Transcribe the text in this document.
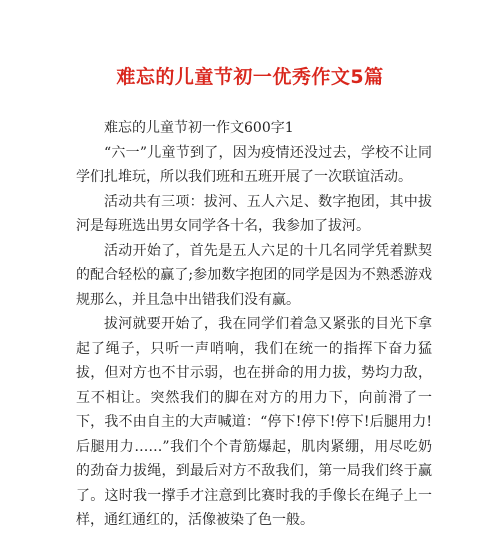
难忘的儿童节初一优秀作文5篇

难忘的儿童节初一作文600字1

“六一”儿童节到了，因为疫情还没过去，学校不让同学们扎堆玩，所以我们班和五班开展了一次联谊活动。

活动共有三项：拔河、五人六足、数字抱团，其中拔河是每班选出男女同学各十名，我参加了拔河。

活动开始了，首先是五人六足的十几名同学凭着默契的配合轻松的赢了;参加数字抱团的同学是因为不熟悉游戏规那么，并且急中出错我们没有赢。

拔河就要开始了，我在同学们着急又紧张的目光下拿起了绳子，只听一声哨响，我们在统一的指挥下奋力猛拔，但对方也不甘示弱，也在拼命的用力拔，势均力敌，互不相让。突然我们的脚在对方的用力下，向前滑了一下，我不由自主的大声喊道：“停下!停下!停下!后腿用力!后腿用力……”我们个个青筋爆起，肌肉紧绷，用尽吃奶的劲奋力拔绳，到最后对方不敌我们，第一局我们终于赢了。这时我一撑手才注意到比赛时我的手像长在绳子上一样，通红通红的，活像被染了色一般。
